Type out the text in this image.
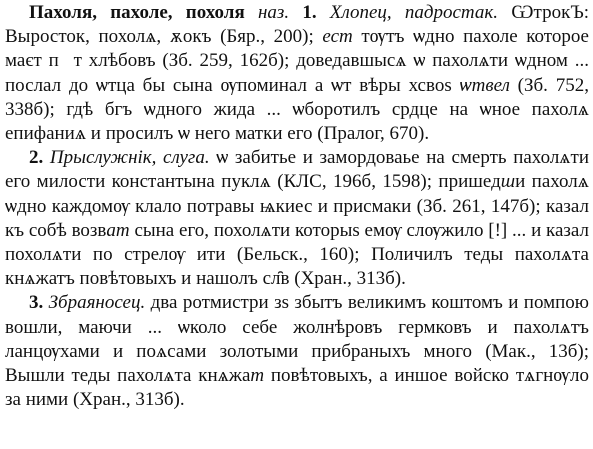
Пахоля, пахоле, похоля наз. 1. Хлопец, падростак. ѠтрокЪ: Выросток, похолѧ, ѫокъ (Бяр., 200); ест тѹтъ ѡдно пахоле которое маєт пⷶт хлѣбовъ (Зб. 259, 162б); доведавшысѧ ѡ пахолѧти ѡдном ... послал до ѡтца бы сына ѹпоминал а ѡт вѣры хсвоs ѡтвел (Зб. 752, 338б); гдѣ бгъ ѡдного жида ... ѡборотилъ срдце на ѡное пахолѧ епифаниѧ и просилъ ѡ него матки его (Пралог, 670).

2. Прыслужнік, слуга. ѡ забитье и замордоваье на смерть пахолѧти его милости константына пуклѧ (КЛС, 196б, 1598); пришедши пахолѧ ѡдно каждомѹ клало потравы ѩкиес и присмаки (Зб. 261, 147б); казал къ собѣ возват сына его, похолѧти которыs емѹ слѹжило [!] ... и казал похолѧти по стрелѹ ити (Бельск., 160); Поличилъ теды пахолѧта кнѧжатъ повѣтовыхъ и нашолъ сл̑в (Хран., 313б).

3. Збраяносец. два ротмистри зs збытъ великимъ коштомъ и помпою вошли, маючи ... ѡколо себе жолнѣровъ гермковъ и пахолѧтъ ланцѹхами и поѧсами золотыми прибраныхъ много (Мак., 13б); Вышли теды пахолѧта кнѧжат повѣтовыхъ, а иншое войско тѧгнѹло за ними (Хран., 313б).
